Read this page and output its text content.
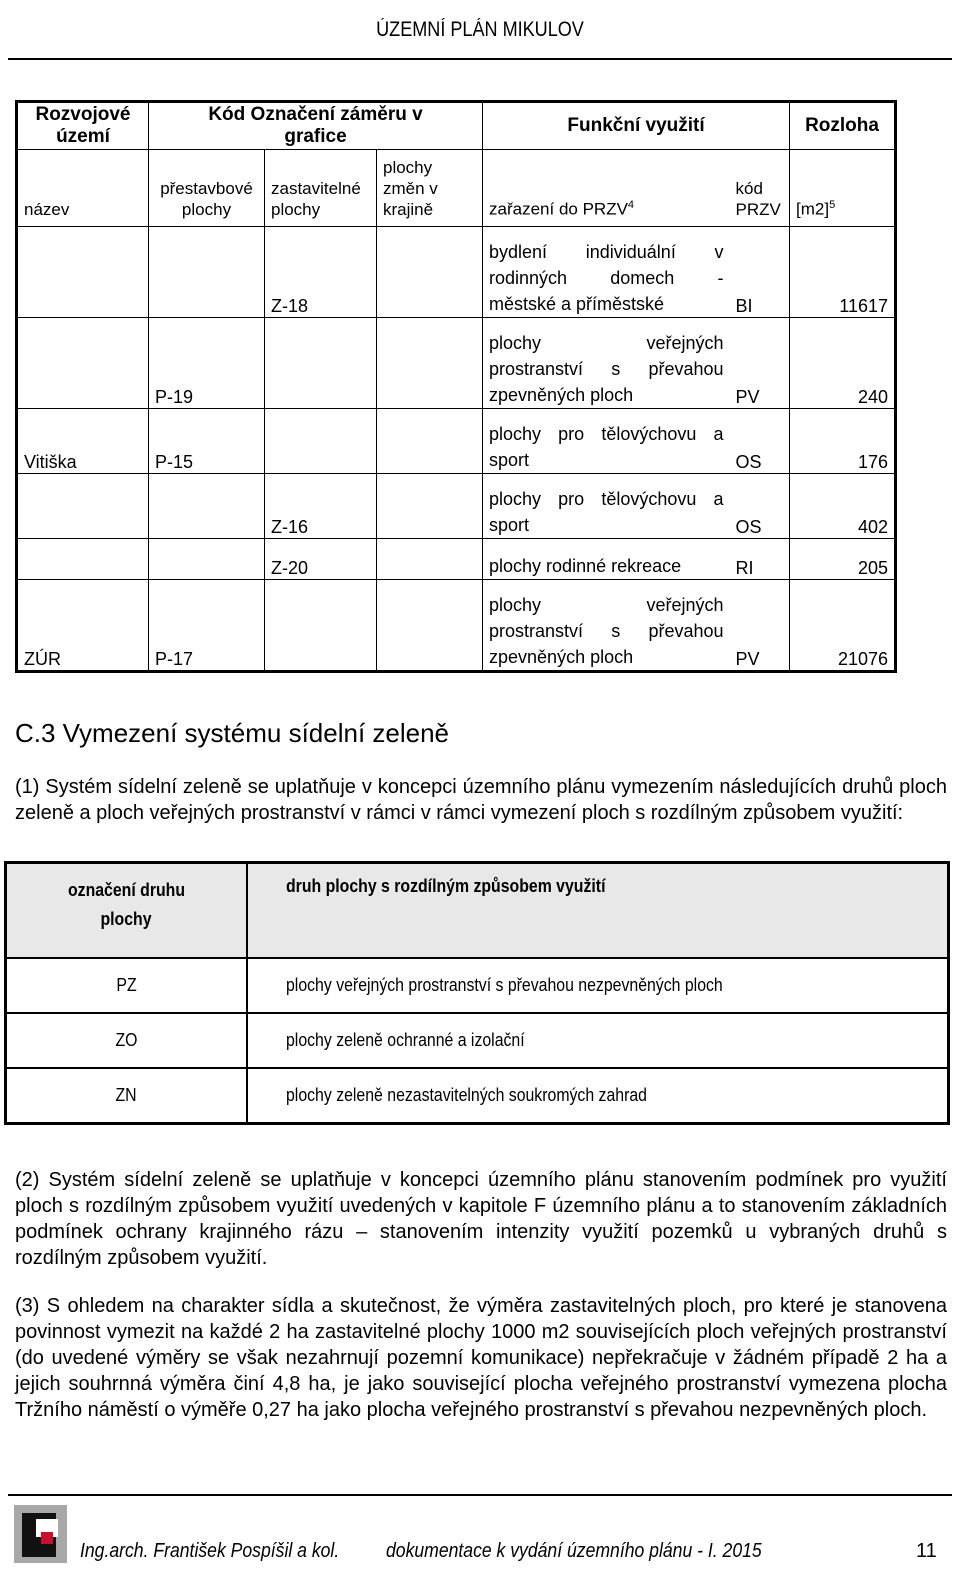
ÚZEMNÍ PLÁN MIKULOV
Rozvojové území	Kód Označení záměru v grafice			Funkční využití		Rozloha
název	přestavbové plochy	zastavitelné plochy	plochy změn v krajině	zařazení do PRZV$^4$	kód PRZV	$[m2]^5$
		Z-18		bydlení individuální v
rodinných domech -
městské a příměstské	BI	11617
	P-19			plochy veřejných
prostranství s převahou
zpevněných ploch	PV	240
Vitiška	P-15			plochy pro tělovýchovu a
sport	OS	176
		Z-16		plochy pro tělovýchovu a
sport	OS	402
		Z-20		plochy rodinné rekreace	RI	205
ZÚR	P-17			plochy veřejných
prostranství s převahou
zpevněných ploch	PV	21076
C.3 Vymezení systému sídelní zeleně
(1) Systém sídelní zeleně se uplatňuje v koncepci územního plánu vymezením následujících druhů ploch zeleně a ploch veřejných prostranství v rámci v rámci vymezení ploch s rozdílným způsobem využití:
označení druhu
plochy	druh plochy s rozdílným způsobem využití
PZ	plochy veřejných prostranství s převahou nezpevněných ploch
ZO	plochy zeleně ochranné a izolační
ZN	plochy zeleně nezastavitelných soukromých zahrad
(2) Systém sídelní zeleně se uplatňuje v koncepci územního plánu stanovením podmínek pro využití ploch s rozdílným způsobem využití uvedených v kapitole F územního plánu a to stanovením základních podmínek ochrany krajinného rázu – stanovením intenzity využití pozemků u vybraných druhů s rozdílným způsobem využití.
(3) S ohledem na charakter sídla a skutečnost, že výměra zastavitelných ploch, pro které je stanovena povinnost vymezit na každé 2 ha zastavitelné plochy 1000 m2 souvisejících ploch veřejných prostranství (do uvedené výměry se však nezahrnují pozemní komunikace) nepřekračuje v žádném případě 2 ha a jejich souhrnná výměra činí 4,8 ha, je jako související plocha veřejného prostranství vymezena plocha Tržního náměstí o výměře 0,27 ha jako plocha veřejného prostranství s převahou nezpevněných ploch.
Ing.arch. František Pospíšil a kol. dokumentace k vydání územního plánu - I. 2015	11
